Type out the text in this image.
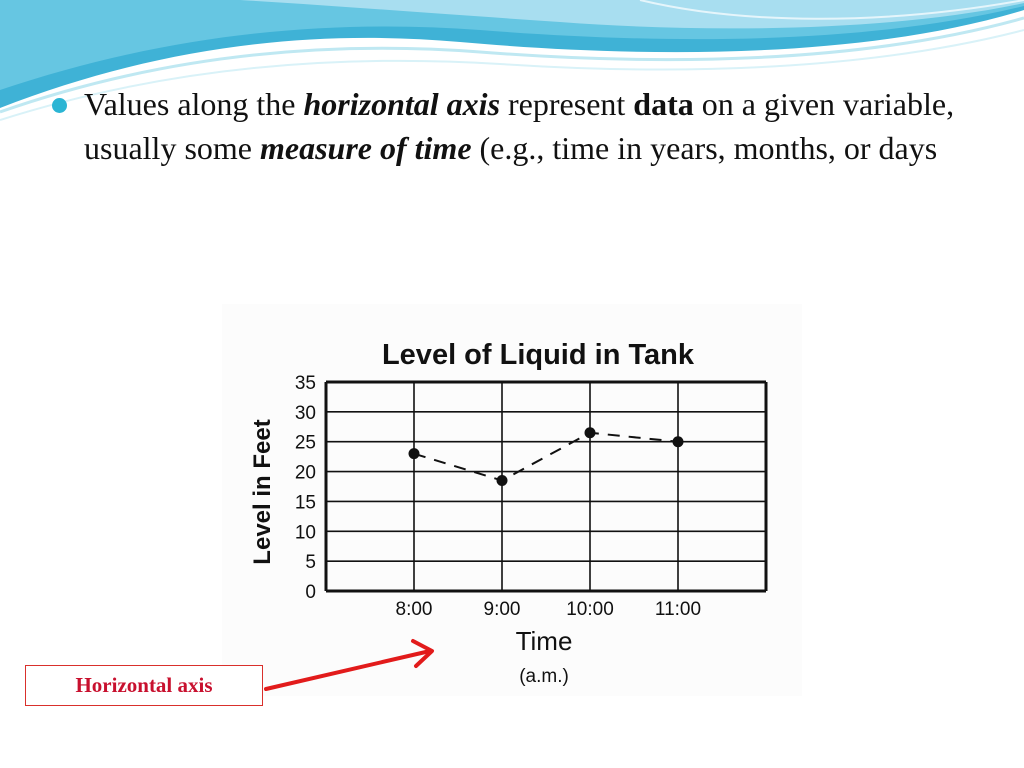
Values along the horizontal axis represent data on a given variable, usually some measure of time (e.g., time in years, months, or days
Level of Liquid in Tank
Level in Feet
0
5
10
15
20
25
30
35
8:00	9:00 10:00 11:00
Time
(a.m.)
Horizontal axis
